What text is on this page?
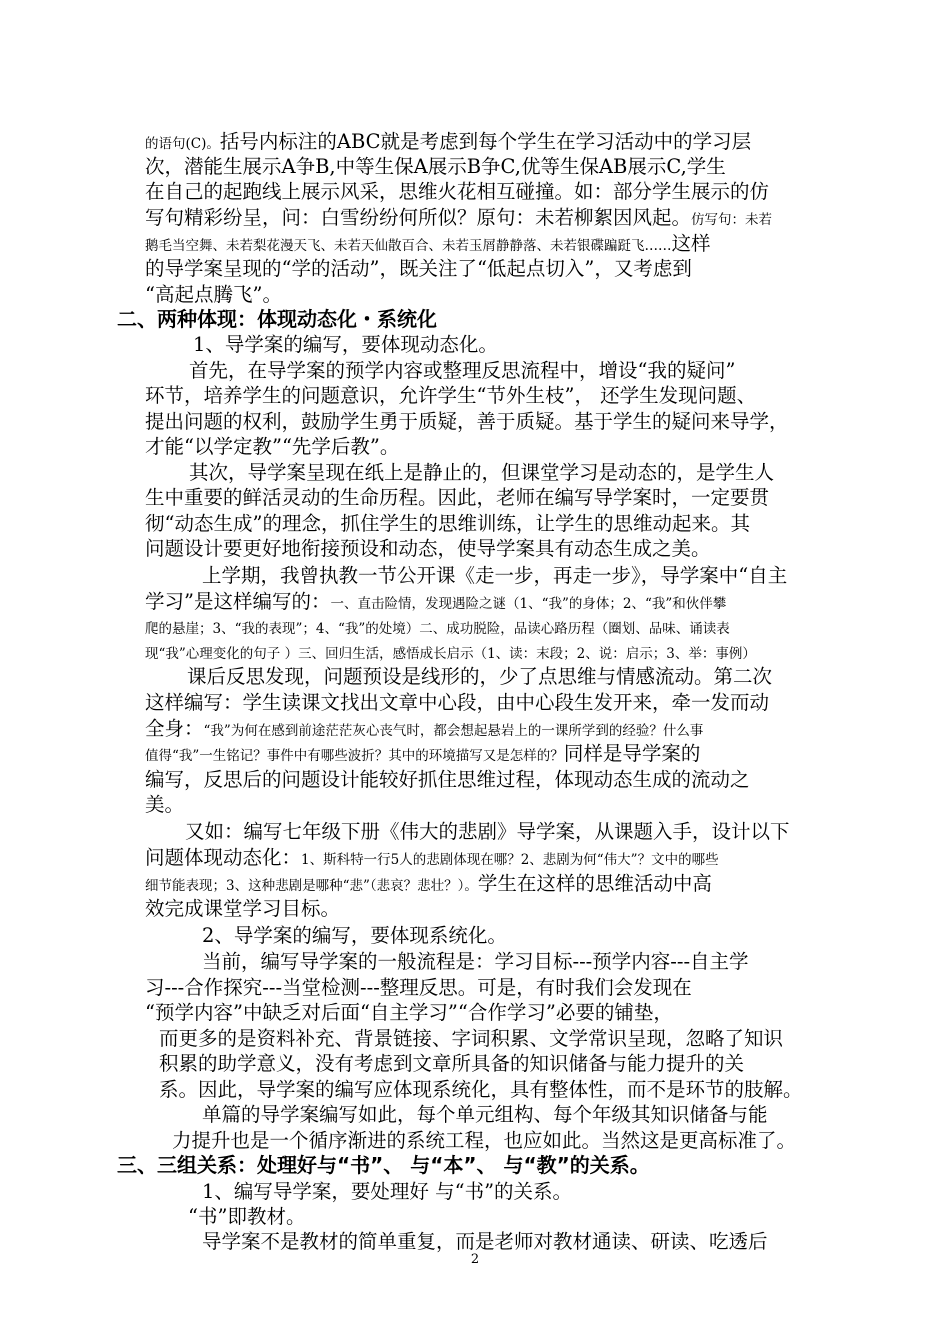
的语句(C)。括号内标注的ABC就是考虑到每个学生在学习活动中的学习层
次，潜能生展示A争B,中等生保A展示B争C,优等生保AB展示C,学生
在自己的起跑线上展示风采，思维火花相互碰撞。如：部分学生展示的仿
写句精彩纷呈，问：白雪纷纷何所似？原句：未若柳絮因风起。仿写句：未若
鹅毛当空舞、未若梨花漫天飞、未若天仙散百合、未若玉屑静静落、未若银碟蹁跹飞……这样
的导学案呈现的“学的活动”，既关注了“低起点切入”，又考虑到
“高起点腾飞”。
二、两种体现：体现动态化・系统化
1、导学案的编写，要体现动态化。
首先，在导学案的预学内容或整理反思流程中，增设“我的疑问”
环节，培养学生的问题意识，允许学生“节外生枝”， 还学生发现问题、
提出问题的权利，鼓励学生勇于质疑，善于质疑。基于学生的疑问来导学，
才能“以学定教”“先学后教”。
其次，导学案呈现在纸上是静止的，但课堂学习是动态的，是学生人
生中重要的鲜活灵动的生命历程。因此，老师在编写导学案时，一定要贯
彻“动态生成”的理念，抓住学生的思维训练，让学生的思维动起来。其
问题设计要更好地衔接预设和动态，使导学案具有动态生成之美。
上学期，我曾执教一节公开课《走一步，再走一步》，导学案中“自主
学习”是这样编写的：一、直击险情，发现遇险之谜（1、“我”的身体；2、“我”和伙伴攀
爬的悬崖；3、“我的表现”；4、“我”的处境）二、成功脱险，品读心路历程（圈划、品味、诵读表
现“我”心理变化的句子 ）三、回归生活，感悟成长启示（1、读：末段；2、说：启示；3、举：事例）
课后反思发现，问题预设是线形的，少了点思维与情感流动。第二次
这样编写：学生读课文找出文章中心段，由中心段生发开来，牵一发而动
全身：“我”为何在感到前途茫茫灰心丧气时，都会想起悬岩上的一课所学到的经验？什么事
值得“我”一生铭记？事件中有哪些波折？其中的环境描写又是怎样的？同样是导学案的
编写，反思后的问题设计能较好抓住思维过程，体现动态生成的流动之
美。
又如：编写七年级下册《伟大的悲剧》导学案，从课题入手，设计以下
问题体现动态化：1、斯科特一行5人的悲剧体现在哪？2、悲剧为何“伟大”？文中的哪些
细节能表现；3、这种悲剧是哪种“悲”（悲哀？悲壮？）。学生在这样的思维活动中高
效完成课堂学习目标。
2、导学案的编写，要体现系统化。
当前，编写导学案的一般流程是：学习目标---预学内容---自主学
习---合作探究---当堂检测---整理反思。可是，有时我们会发现在
“预学内容”中缺乏对后面“自主学习”“合作学习”必要的铺垫，
而更多的是资料补充、背景链接、字词积累、文学常识呈现，忽略了知识
积累的助学意义，没有考虑到文章所具备的知识储备与能力提升的关
系。因此，导学案的编写应体现系统化，具有整体性，而不是环节的肢解。
单篇的导学案编写如此，每个单元组构、每个年级其知识储备与能
力提升也是一个循序渐进的系统工程，也应如此。当然这是更高标准了。
三、三组关系：处理好与“书”、 与“本”、 与“教”的关系。
1、编写导学案，要处理好 与“书”的关系。
“书”即教材。
导学案不是教材的简单重复，而是老师对教材通读、研读、吃透后
2
